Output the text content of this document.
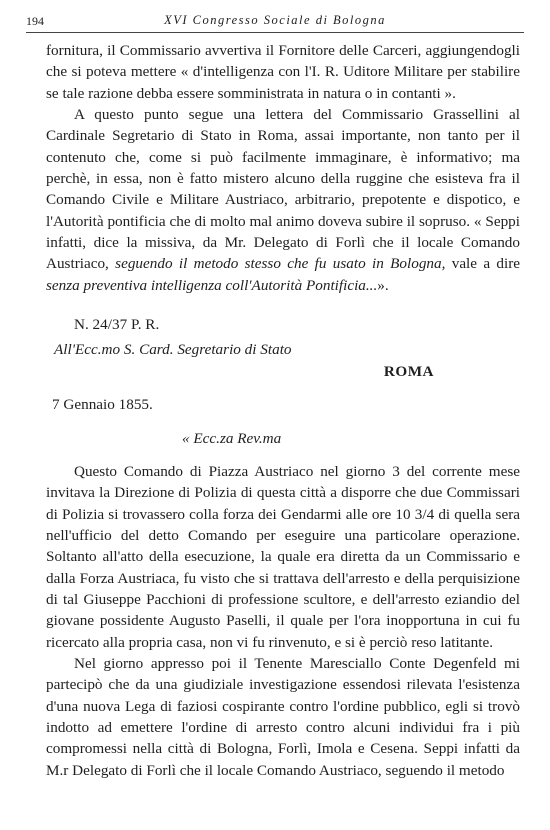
194	XVI Congresso Sociale di Bologna

fornitura, il Commissario avvertiva il Fornitore delle Carceri, aggiungendogli che si poteva mettere « d'intelligenza con l'I. R. Uditore Militare per stabilire se tale razione debba essere somministrata in natura o in contanti ».

A questo punto segue una lettera del Commissario Grassellini al Cardinale Segretario di Stato in Roma, assai importante, non tanto per il contenuto che, come si può facilmente immaginare, è informativo; ma perchè, in essa, non è fatto mistero alcuno della ruggine che esisteva fra il Comando Civile e Militare Austriaco, arbitrario, prepotente e dispotico, e l'Autorità pontificia che di molto mal animo doveva subire il sopruso. « Seppi infatti, dice la missiva, da Mr. Delegato di Forlì che il locale Comando Austriaco, seguendo il metodo stesso che fu usato in Bologna, vale a dire senza preventiva intelligenza coll'Autorità Pontificia...».

N. 24/37 P. R.
All'Ecc.mo S. Card. Segretario di Stato
ROMA
7 Gennaio 1855.
« Ecc.za Rev.ma

Questo Comando di Piazza Austriaco nel giorno 3 del corrente mese invitava la Direzione di Polizia di questa città a disporre che due Commissari di Polizia si trovassero colla forza dei Gendarmi alle ore 10 3/4 di quella sera nell'ufficio del detto Comando per eseguire una particolare operazione. Soltanto all'atto della esecuzione, la quale era diretta da un Commissario e dalla Forza Austriaca, fu visto che si trattava dell'arresto e della perquisizione di tal Giuseppe Pacchioni di professione scultore, e dell'arresto eziandio del giovane possidente Augusto Paselli, il quale per l'ora inopportuna in cui fu ricercato alla propria casa, non vi fu rinvenuto, e si è perciò reso latitante.

Nel giorno appresso poi il Tenente Maresciallo Conte Degenfeld mi partecipò che da una giudiziale investigazione essendosi rilevata l'esistenza d'una nuova Lega di faziosi cospirante contro l'ordine pubblico, egli si trovò indotto ad emettere l'ordine di arresto contro alcuni individui fra i più compromessi nella città di Bologna, Forlì, Imola e Cesena. Seppi infatti da M.r Delegato di Forlì che il locale Comando Austriaco, seguendo il metodo
